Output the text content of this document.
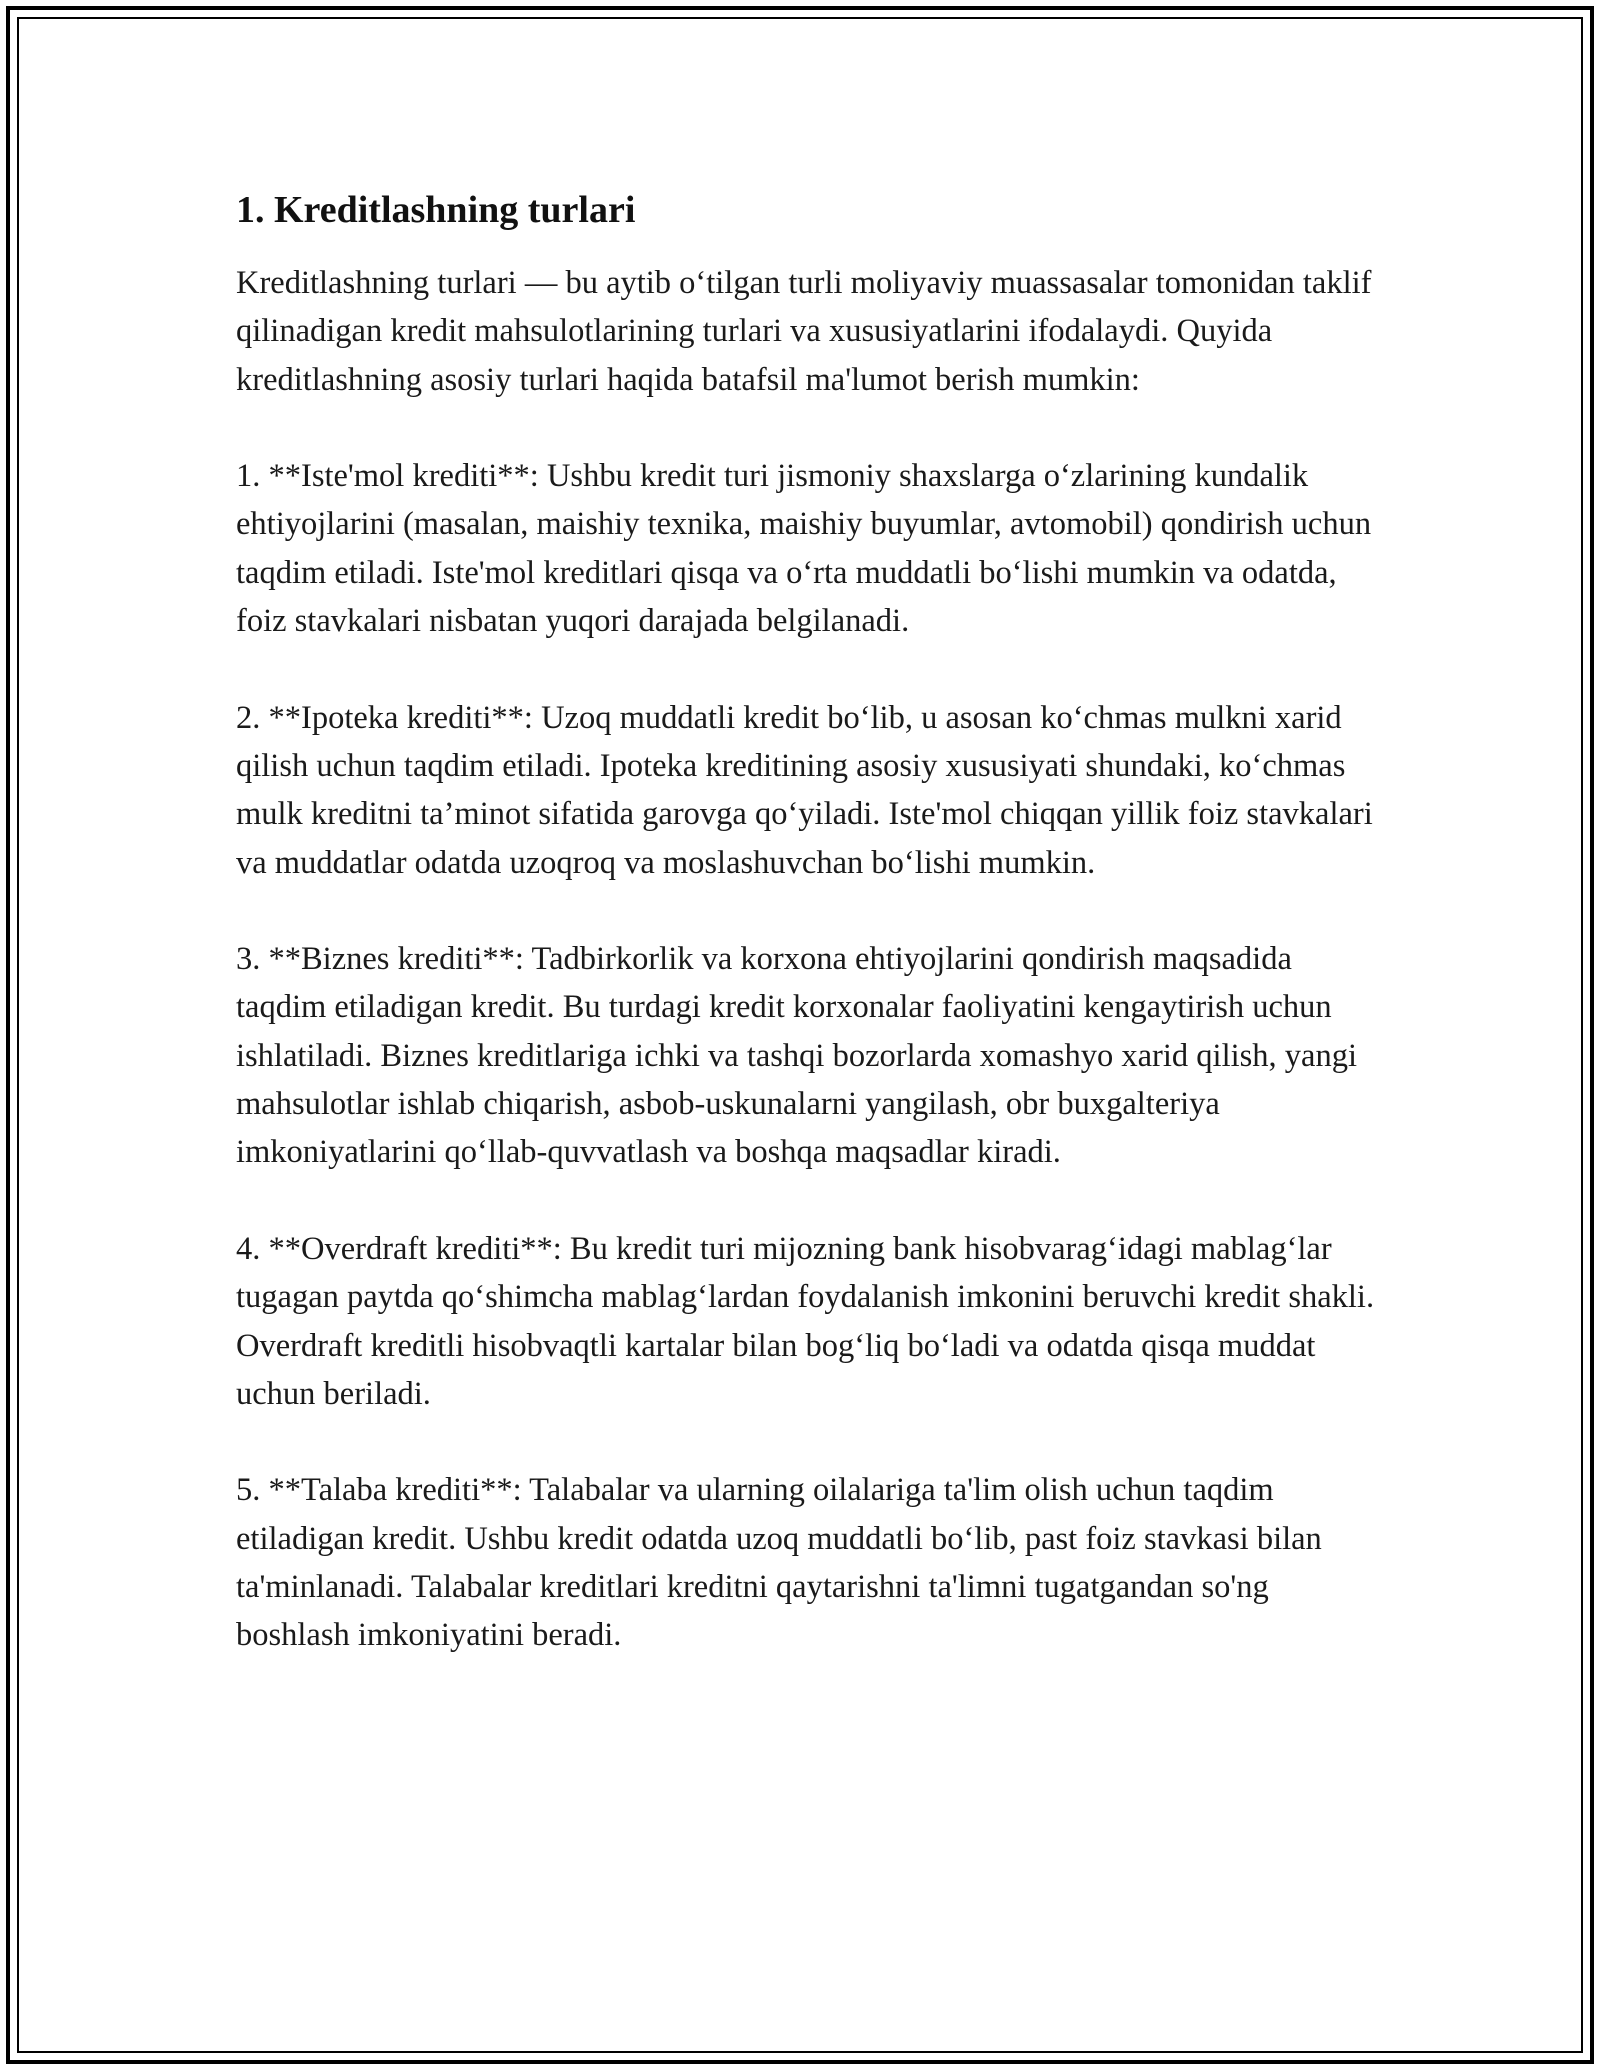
1. Kreditlashning turlari

Kreditlashning turlari — bu aytib o‘tilgan turli moliyaviy muassasalar tomonidan taklif qilinadigan kredit mahsulotlarining turlari va xususiyatlarini ifodalaydi. Quyida kreditlashning asosiy turlari haqida batafsil ma'lumot berish mumkin:

1. **Iste'mol krediti**: Ushbu kredit turi jismoniy shaxslarga o‘zlarining kundalik ehtiyojlarini (masalan, maishiy texnika, maishiy buyumlar, avtomobil) qondirish uchun taqdim etiladi. Iste'mol kreditlari qisqa va o‘rta muddatli bo‘lishi mumkin va odatda, foiz stavkalari nisbatan yuqori darajada belgilanadi.

2. **Ipoteka krediti**: Uzoq muddatli kredit bo‘lib, u asosan ko‘chmas mulkni xarid qilish uchun taqdim etiladi. Ipoteka kreditining asosiy xususiyati shundaki, ko‘chmas mulk kreditni ta’minot sifatida garovga qo‘yiladi. Iste'mol chiqqan yillik foiz stavkalari va muddatlar odatda uzoqroq va moslashuvchan bo‘lishi mumkin.

3. **Biznes krediti**: Tadbirkorlik va korxona ehtiyojlarini qondirish maqsadida taqdim etiladigan kredit. Bu turdagi kredit korxonalar faoliyatini kengaytirish uchun ishlatiladi. Biznes kreditlariga ichki va tashqi bozorlarda xomashyo xarid qilish, yangi mahsulotlar ishlab chiqarish, asbob-uskunalarni yangilash, obr buxgalteriya imkoniyatlarini qo‘llab-quvvatlash va boshqa maqsadlar kiradi.

4. **Overdraft krediti**: Bu kredit turi mijozning bank hisobvarag‘idagi mablag‘lar tugagan paytda qo‘shimcha mablag‘lardan foydalanish imkonini beruvchi kredit shakli. Overdraft kreditli hisobvaqtli kartalar bilan bog‘liq bo‘ladi va odatda qisqa muddat uchun beriladi.

5. **Talaba krediti**: Talabalar va ularning oilalariga ta'lim olish uchun taqdim etiladigan kredit. Ushbu kredit odatda uzoq muddatli bo‘lib, past foiz stavkasi bilan ta'minlanadi. Talabalar kreditlari kreditni qaytarishni ta'limni tugatgandan so'ng boshlash imkoniyatini beradi.
